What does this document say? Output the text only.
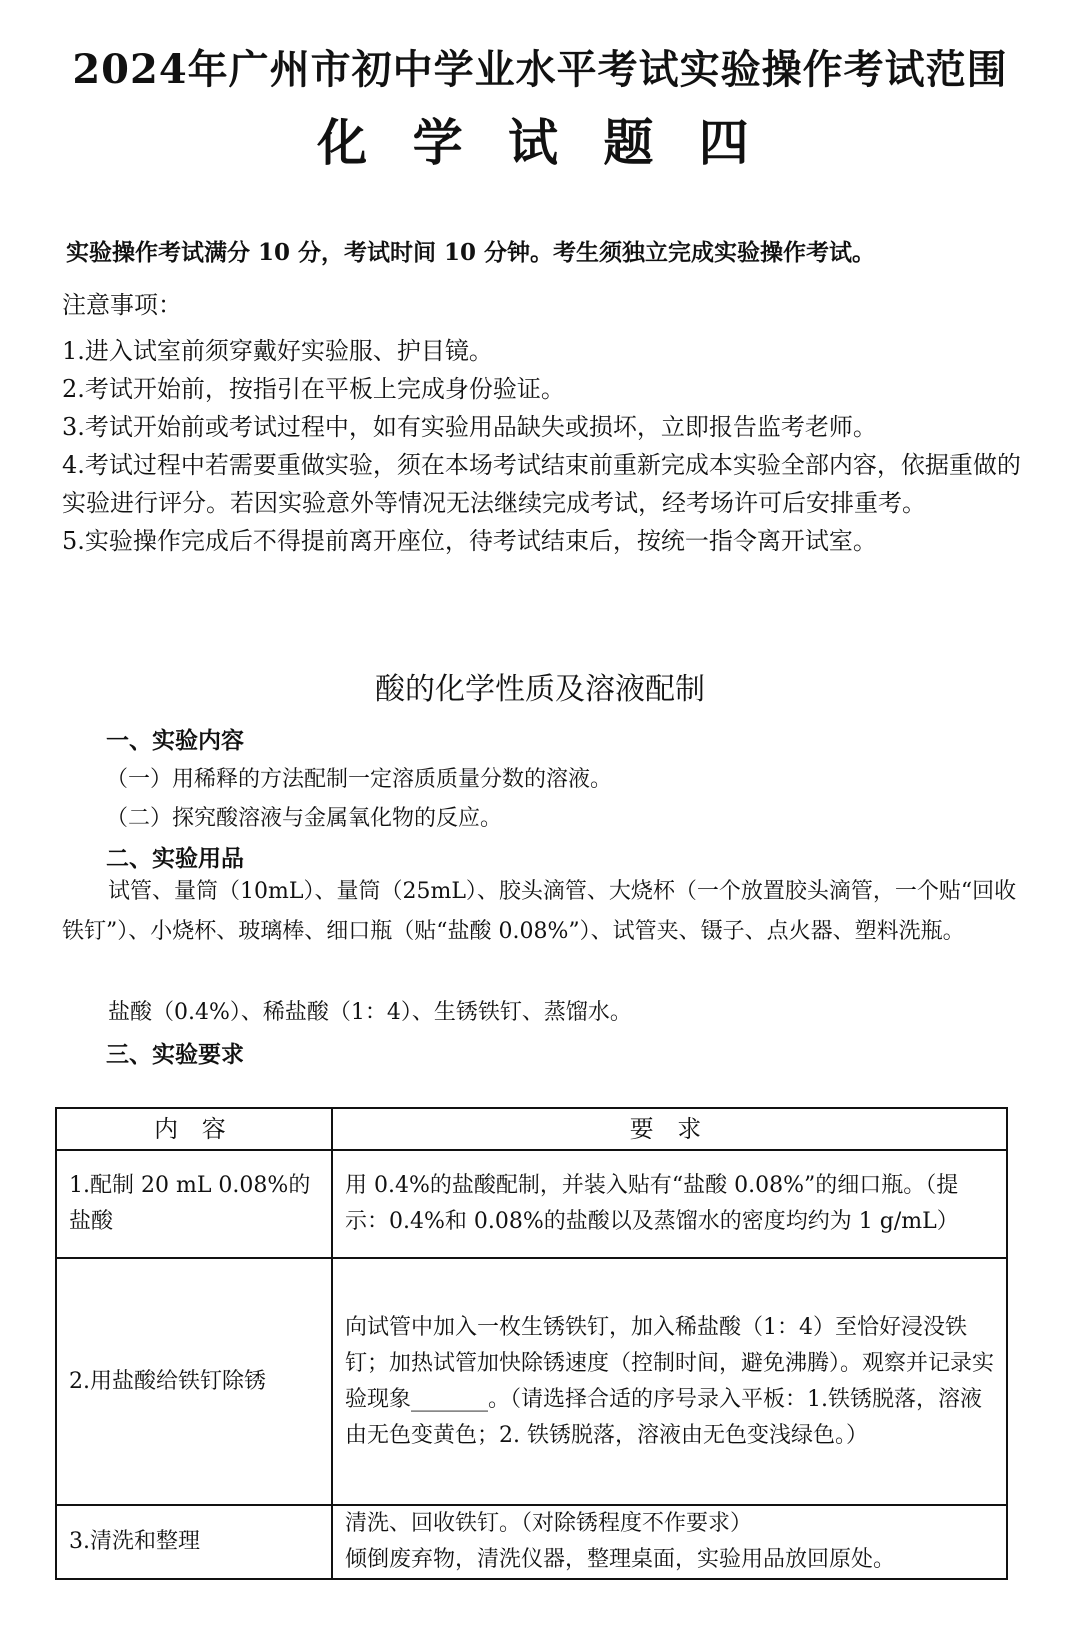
2024年广州市初中学业水平考试实验操作考试范围
化 学 试 题 四
实验操作考试满分 10 分，考试时间 10 分钟。考生须独立完成实验操作考试。
注意事项：

1.进入试室前须穿戴好实验服、护目镜。

2.考试开始前，按指引在平板上完成身份验证。

3.考试开始前或考试过程中，如有实验用品缺失或损坏，立即报告监考老师。

4.考试过程中若需要重做实验，须在本场考试结束前重新完成本实验全部内容，依据重做的实验进行评分。若因实验意外等情况无法继续完成考试，经考场许可后安排重考。

5.实验操作完成后不得提前离开座位，待考试结束后，按统一指令离开试室。

酸的化学性质及溶液配制
一、实验内容
（一）用稀释的方法配制一定溶质质量分数的溶液。
（二）探究酸溶液与金属氧化物的反应。
二、实验用品
试管、量筒（10mL）、量筒（25mL）、胶头滴管、大烧杯（一个放置胶头滴管，一个贴“回收铁钉”）、小烧杯、玻璃棒、细口瓶（贴“盐酸 0.08%”）、试管夹、镊子、点火器、塑料洗瓶。
盐酸（0.4%）、稀盐酸（1：4）、生锈铁钉、蒸馏水。
三、实验要求
内 容	要 求
1.配制 20 mL 0.08%的盐酸	用 0.4%的盐酸配制，并装入贴有“盐酸 0.08%”的细口瓶。（提示：0.4%和 0.08%的盐酸以及蒸馏水的密度均约为 1 g/mL）
2.用盐酸给铁钉除锈	向试管中加入一枚生锈铁钉，加入稀盐酸（1：4）至恰好浸没铁钉；加热试管加快除锈速度（控制时间，避免沸腾）。观察并记录实验现象_______。（请选择合适的序号录入平板：1.铁锈脱落，溶液由无色变黄色；2. 铁锈脱落，溶液由无色变浅绿色。）
3.清洗和整理	清洗、回收铁钉。（对除锈程度不作要求）
倾倒废弃物，清洗仪器，整理桌面，实验用品放回原处。
